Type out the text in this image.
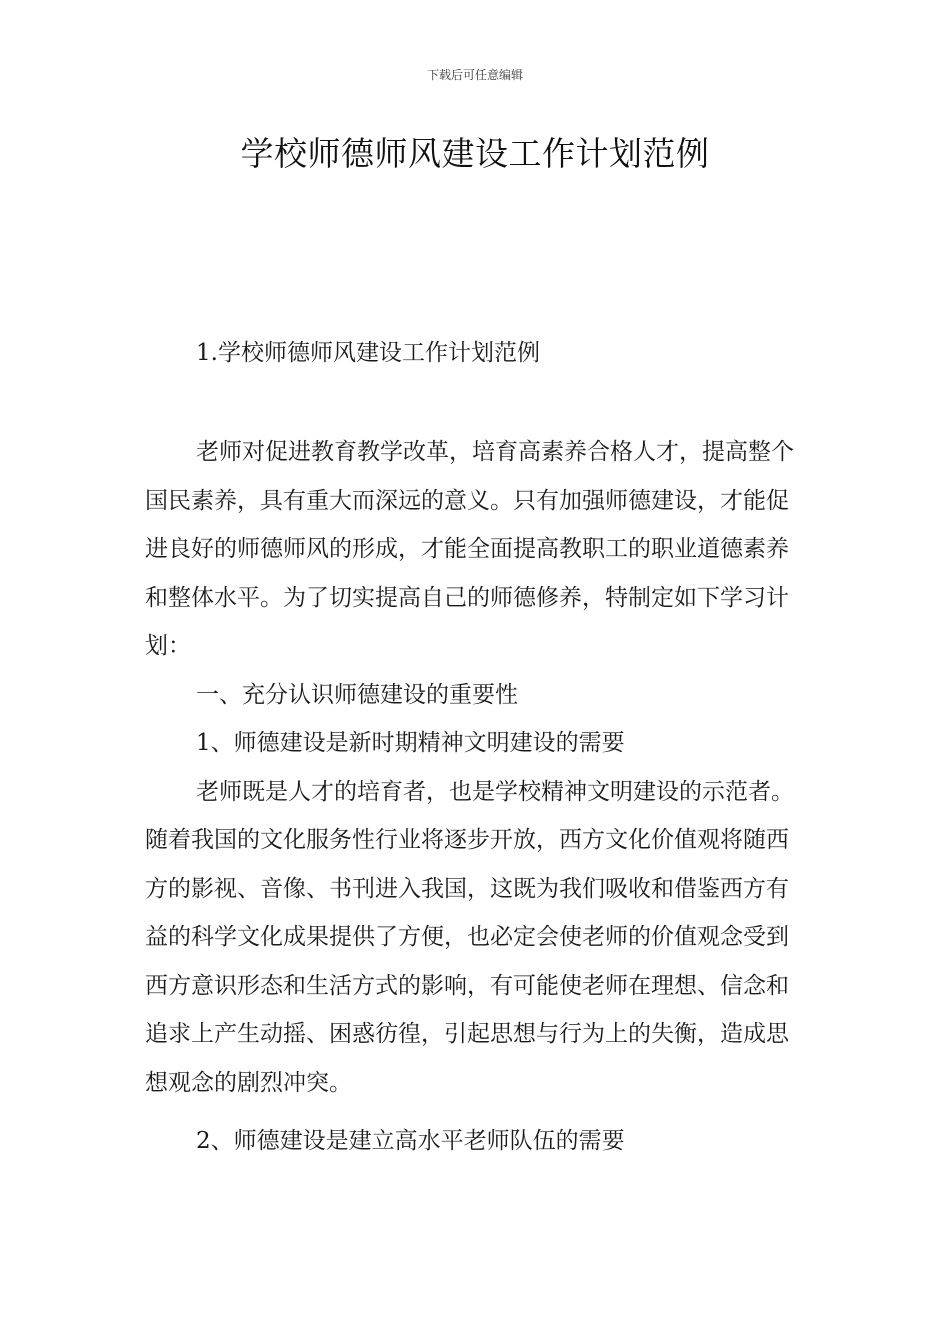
下载后可任意编辑
学校师德师风建设工作计划范例
1.学校师德师风建设工作计划范例

老师对促进教育教学改革，培育高素养合格人才，提高整个国民素养，具有重大而深远的意义。只有加强师德建设，才能促进良好的师德师风的形成，才能全面提高教职工的职业道德素养和整体水平。为了切实提高自己的师德修养，特制定如下学习计划：

一、充分认识师德建设的重要性

1、师德建设是新时期精神文明建设的需要

老师既是人才的培育者，也是学校精神文明建设的示范者。随着我国的文化服务性行业将逐步开放，西方文化价值观将随西方的影视、音像、书刊进入我国，这既为我们吸收和借鉴西方有益的科学文化成果提供了方便，也必定会使老师的价值观念受到西方意识形态和生活方式的影响，有可能使老师在理想、信念和追求上产生动摇、困惑彷徨，引起思想与行为上的失衡，造成思想观念的剧烈冲突。

2、师德建设是建立高水平老师队伍的需要
